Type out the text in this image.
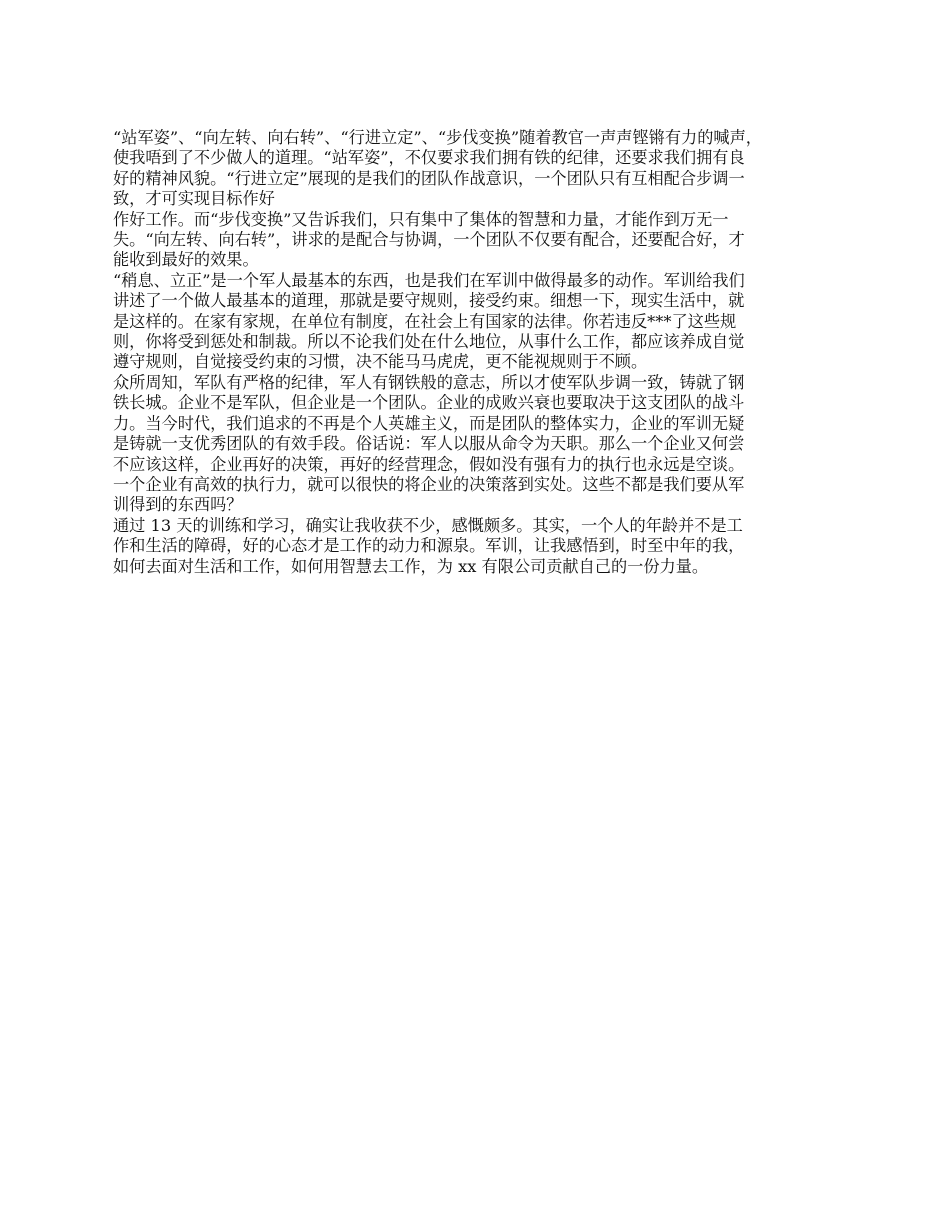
“站军姿”、“向左转、向右转”、“行进立定”、“步伐变换”随着教官一声声铿锵有力的喊声，
使我唔到了不少做人的道理。“站军姿”，不仅要求我们拥有铁的纪律，还要求我们拥有良
好的精神风貌。“行进立定”展现的是我们的团队作战意识，一个团队只有互相配合步调一
致，才可实现目标作好
作好工作。而“步伐变换”又告诉我们，只有集中了集体的智慧和力量，才能作到万无一
失。“向左转、向右转”，讲求的是配合与协调，一个团队不仅要有配合，还要配合好，才
能收到最好的效果。
“稍息、立正”是一个军人最基本的东西，也是我们在军训中做得最多的动作。军训给我们
讲述了一个做人最基本的道理，那就是要守规则，接受约束。细想一下，现实生活中，就
是这样的。在家有家规，在单位有制度，在社会上有国家的法律。你若违反***了这些规
则，你将受到惩处和制裁。所以不论我们处在什么地位，从事什么工作，都应该养成自觉
遵守规则，自觉接受约束的习惯，决不能马马虎虎，更不能视规则于不顾。
众所周知，军队有严格的纪律，军人有钢铁般的意志，所以才使军队步调一致，铸就了钢
铁长城。企业不是军队，但企业是一个团队。企业的成败兴衰也要取决于这支团队的战斗
力。当今时代，我们追求的不再是个人英雄主义，而是团队的整体实力，企业的军训无疑
是铸就一支优秀团队的有效手段。俗话说：军人以服从命令为天职。那么一个企业又何尝
不应该这样，企业再好的决策，再好的经营理念，假如没有强有力的执行也永远是空谈。
一个企业有高效的执行力，就可以很快的将企业的决策落到实处。这些不都是我们要从军
训得到的东西吗？
通过 13 天的训练和学习，确实让我收获不少，感慨颇多。其实，一个人的年龄并不是工
作和生活的障碍，好的心态才是工作的动力和源泉。军训，让我感悟到，时至中年的我，
如何去面对生活和工作，如何用智慧去工作，为 xx 有限公司贡献自己的一份力量。
